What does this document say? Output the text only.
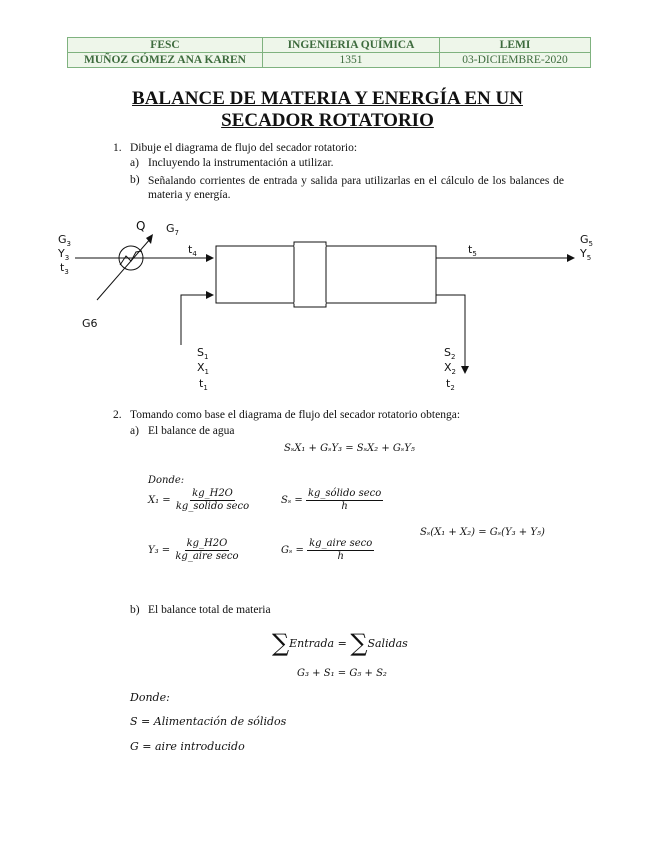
FESC	INGENIERIA QUÍMICA	LEMI
MUÑOZ GÓMEZ ANA KAREN	1351	03-DICIEMBRE-2020
BALANCE DE MATERIA Y ENERGÍA EN UN
SECADOR ROTATORIO
1. Dibuje el diagrama de flujo del secador rotatorio:
a) Incluyendo la instrumentación a utilizar.
b) Señalando corrientes de entrada y salida para utilizarlas en el cálculo de los balances de materia y energía.
$G_3$
$Y_3$
$t_3$
G6
Q $G_7$
$t_4$	$t_5$
$G_5$
$Y_5$
$S_1$
$X_1$
$t_1$
$S_2$
$X_2$
$t_2$
2. Tomando como base el diagrama de flujo del secador rotatorio obtenga:
a) El balance de agua
SₛX₁ + GₛY₃ = SₛX₂ + GₛY₅
Donde:
$X_1 = \frac{kg\_H2O}{\text{kg\_solido seco}}$	$S_s = \frac{\text{kg\_sólido seco}}{h}$
$Y_3 = \frac{kg\_H2O}{\text{kg\_aire seco}}$	$G_s = \frac{\text{kg\_aire seco}}{h}$
Sₛ(X₁ + X₂) = Gₛ(Y₃ + Y₅)
b) El balance total de materia
∑Entrada = ∑Salidas
G₃ + S₁ = G₅ + S₂
Donde:
S = Alimentación de sólidos
G = aire introducido
